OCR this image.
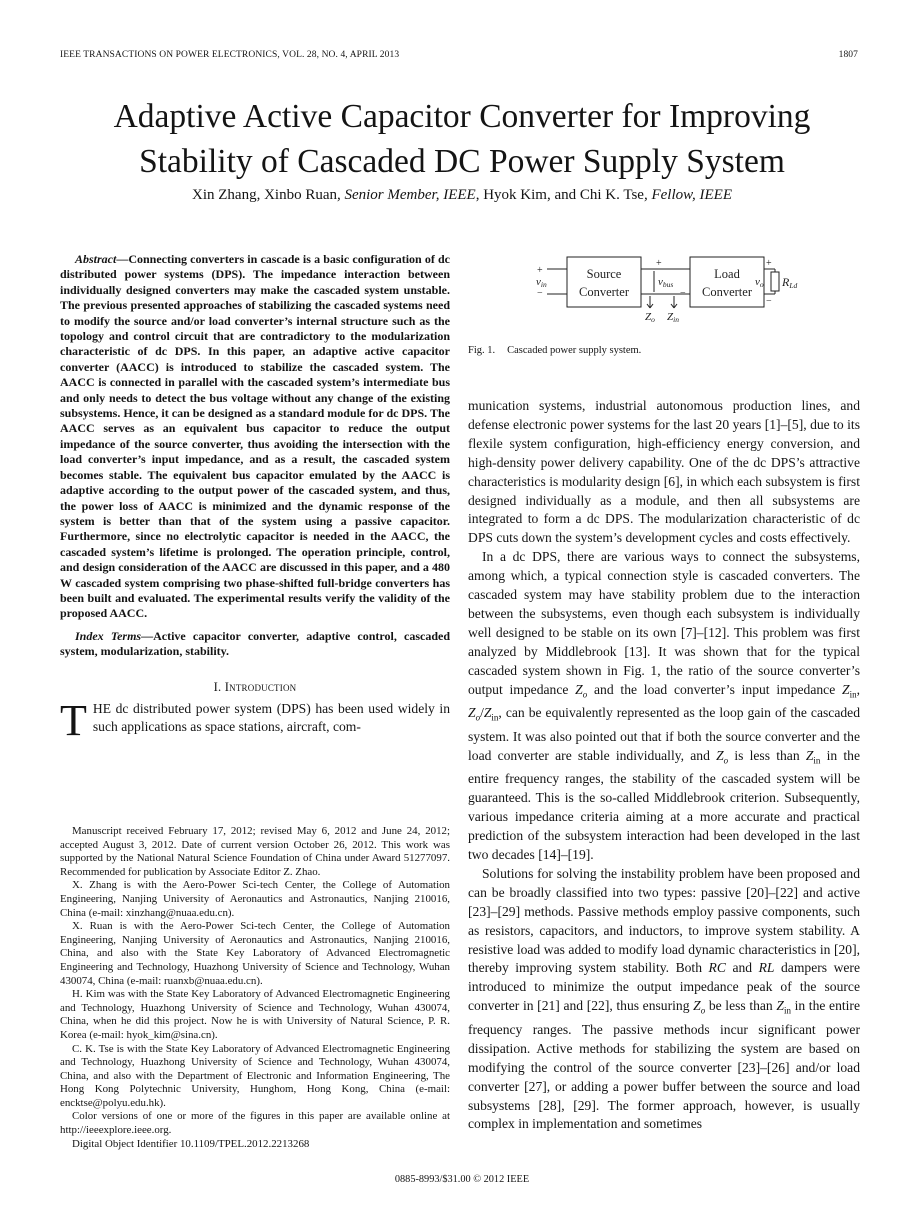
IEEE TRANSACTIONS ON POWER ELECTRONICS, VOL. 28, NO. 4, APRIL 2013	1807
Adaptive Active Capacitor Converter for Improving
Stability of Cascaded DC Power Supply System
Xin Zhang, Xinbo Ruan, Senior Member, IEEE, Hyok Kim, and Chi K. Tse, Fellow, IEEE

Abstract—Connecting converters in cascade is a basic configuration of dc distributed power systems (DPS). The impedance interaction between individually designed converters may make the cascaded system unstable. The previous presented approaches of stabilizing the cascaded systems need to modify the source and/or load converter’s internal structure such as the topology and control circuit that are contradictory to the modularization characteristic of dc DPS. In this paper, an adaptive active capacitor converter (AACC) is introduced to stabilize the cascaded system. The AACC is connected in parallel with the cascaded system’s intermediate bus and only needs to detect the bus voltage without any change of the existing subsystems. Hence, it can be designed as a standard module for dc DPS. The AACC serves as an equivalent bus capacitor to reduce the output impedance of the source converter, thus avoiding the intersection with the load converter’s input impedance, and as a result, the cascaded system becomes stable. The equivalent bus capacitor emulated by the AACC is adaptive according to the output power of the cascaded system, and thus, the power loss of AACC is minimized and the dynamic response of the system is better than that of the system using a passive capacitor. Furthermore, since no electrolytic capacitor is needed in the AACC, the cascaded system’s lifetime is prolonged. The operation principle, control, and design consideration of the AACC are discussed in this paper, and a 480 W cascaded system comprising two phase-shifted full-bridge converters has been built and evaluated. The experimental results verify the validity of the proposed AACC.

Index Terms—Active capacitor converter, adaptive control, cascaded system, modularization, stability.

I. Introduction

THE dc distributed power system (DPS) has been used widely in such applications as space stations, aircraft, com-

Manuscript received February 17, 2012; revised May 6, 2012 and June 24, 2012; accepted August 3, 2012. Date of current version October 26, 2012. This work was supported by the National Natural Science Foundation of China under Award 51277097. Recommended for publication by Associate Editor Z. Zhao.

X. Zhang is with the Aero-Power Sci-tech Center, the College of Automation Engineering, Nanjing University of Aeronautics and Astronautics, Nanjing 210016, China (e-mail: xinzhang@nuaa.edu.cn).

X. Ruan is with the Aero-Power Sci-tech Center, the College of Automation Engineering, Nanjing University of Aeronautics and Astronautics, Nanjing 210016, China, and also with the State Key Laboratory of Advanced Electromagnetic Engineering and Technology, Huazhong University of Science and Technology, Wuhan 430074, China (e-mail: ruanxb@nuaa.edu.cn).

H. Kim was with the State Key Laboratory of Advanced Electromagnetic Engineering and Technology, Huazhong University of Science and Technology, Wuhan 430074, China, when he did this project. Now he is with University of Natural Science, P. R. Korea (e-mail: hyok_kim@sina.cn).

C. K. Tse is with the State Key Laboratory of Advanced Electromagnetic Engineering and Technology, Huazhong University of Science and Technology, Wuhan 430074, China, and also with the Department of Electronic and Information Engineering, The Hong Kong Polytechnic University, Hunghom, Hong Kong, China (e-mail: encktse@polyu.edu.hk).

Color versions of one or more of the figures in this paper are available online at http://ieeexplore.ieee.org.

Digital Object Identifier 10.1109/TPEL.2012.2213268

Source
Converter
Load
Converter
vin	vbus	vo RLd
Zo Zin
+
−
+
−
+
−
Fig. 1. Cascaded power supply system.

munication systems, industrial autonomous production lines, and defense electronic power systems for the last 20 years [1]–[5], due to its flexile system configuration, high-efficiency energy conversion, and high-density power delivery capability. One of the dc DPS’s attractive characteristics is modularity design [6], in which each subsystem is first designed individually as a module, and then all subsystems are integrated to form a dc DPS. The modularization characteristic of dc DPS cuts down the system’s development cycles and costs effectively.

In a dc DPS, there are various ways to connect the subsystems, among which, a typical connection style is cascaded converters. The cascaded system may have stability problem due to the interaction between the subsystems, even though each subsystem is individually well designed to be stable on its own [7]–[12]. This problem was first analyzed by Middlebrook [13]. It was shown that for the typical cascaded system shown in Fig. 1, the ratio of the source converter’s output impedance $Z_o$ and the load converter’s input impedance $Z_{in}$, $Z_o/Z_{in}$, can be equivalently represented as the loop gain of the cascaded system. It was also pointed out that if both the source converter and the load converter are stable individually, and $Z_o$ is less than $Z_{in}$ in the entire frequency ranges, the stability of the cascaded system will be guaranteed. This is the so-called Middlebrook criterion. Subsequently, various impedance criteria aiming at a more accurate and practical prediction of the subsystem interaction had been developed in the last two decades [14]–[19].

Solutions for solving the instability problem have been proposed and can be broadly classified into two types: passive [20]–[22] and active [23]–[29] methods. Passive methods employ passive components, such as resistors, capacitors, and inductors, to improve system stability. A resistive load was added to modify load dynamic characteristics in [20], thereby improving system stability. Both RC and RL dampers were introduced to minimize the output impedance peak of the source converter in [21] and [22], thus ensuring $Z_o$ be less than $Z_{in}$ in the entire frequency ranges. The passive methods incur significant power dissipation. Active methods for stabilizing the system are based on modifying the control of the source converter [23]–[26] and/or load converter [27], or adding a power buffer between the source and load subsystems [28], [29]. The former approach, however, is usually complex in implementation and sometimes

0885-8993/$31.00 © 2012 IEEE
